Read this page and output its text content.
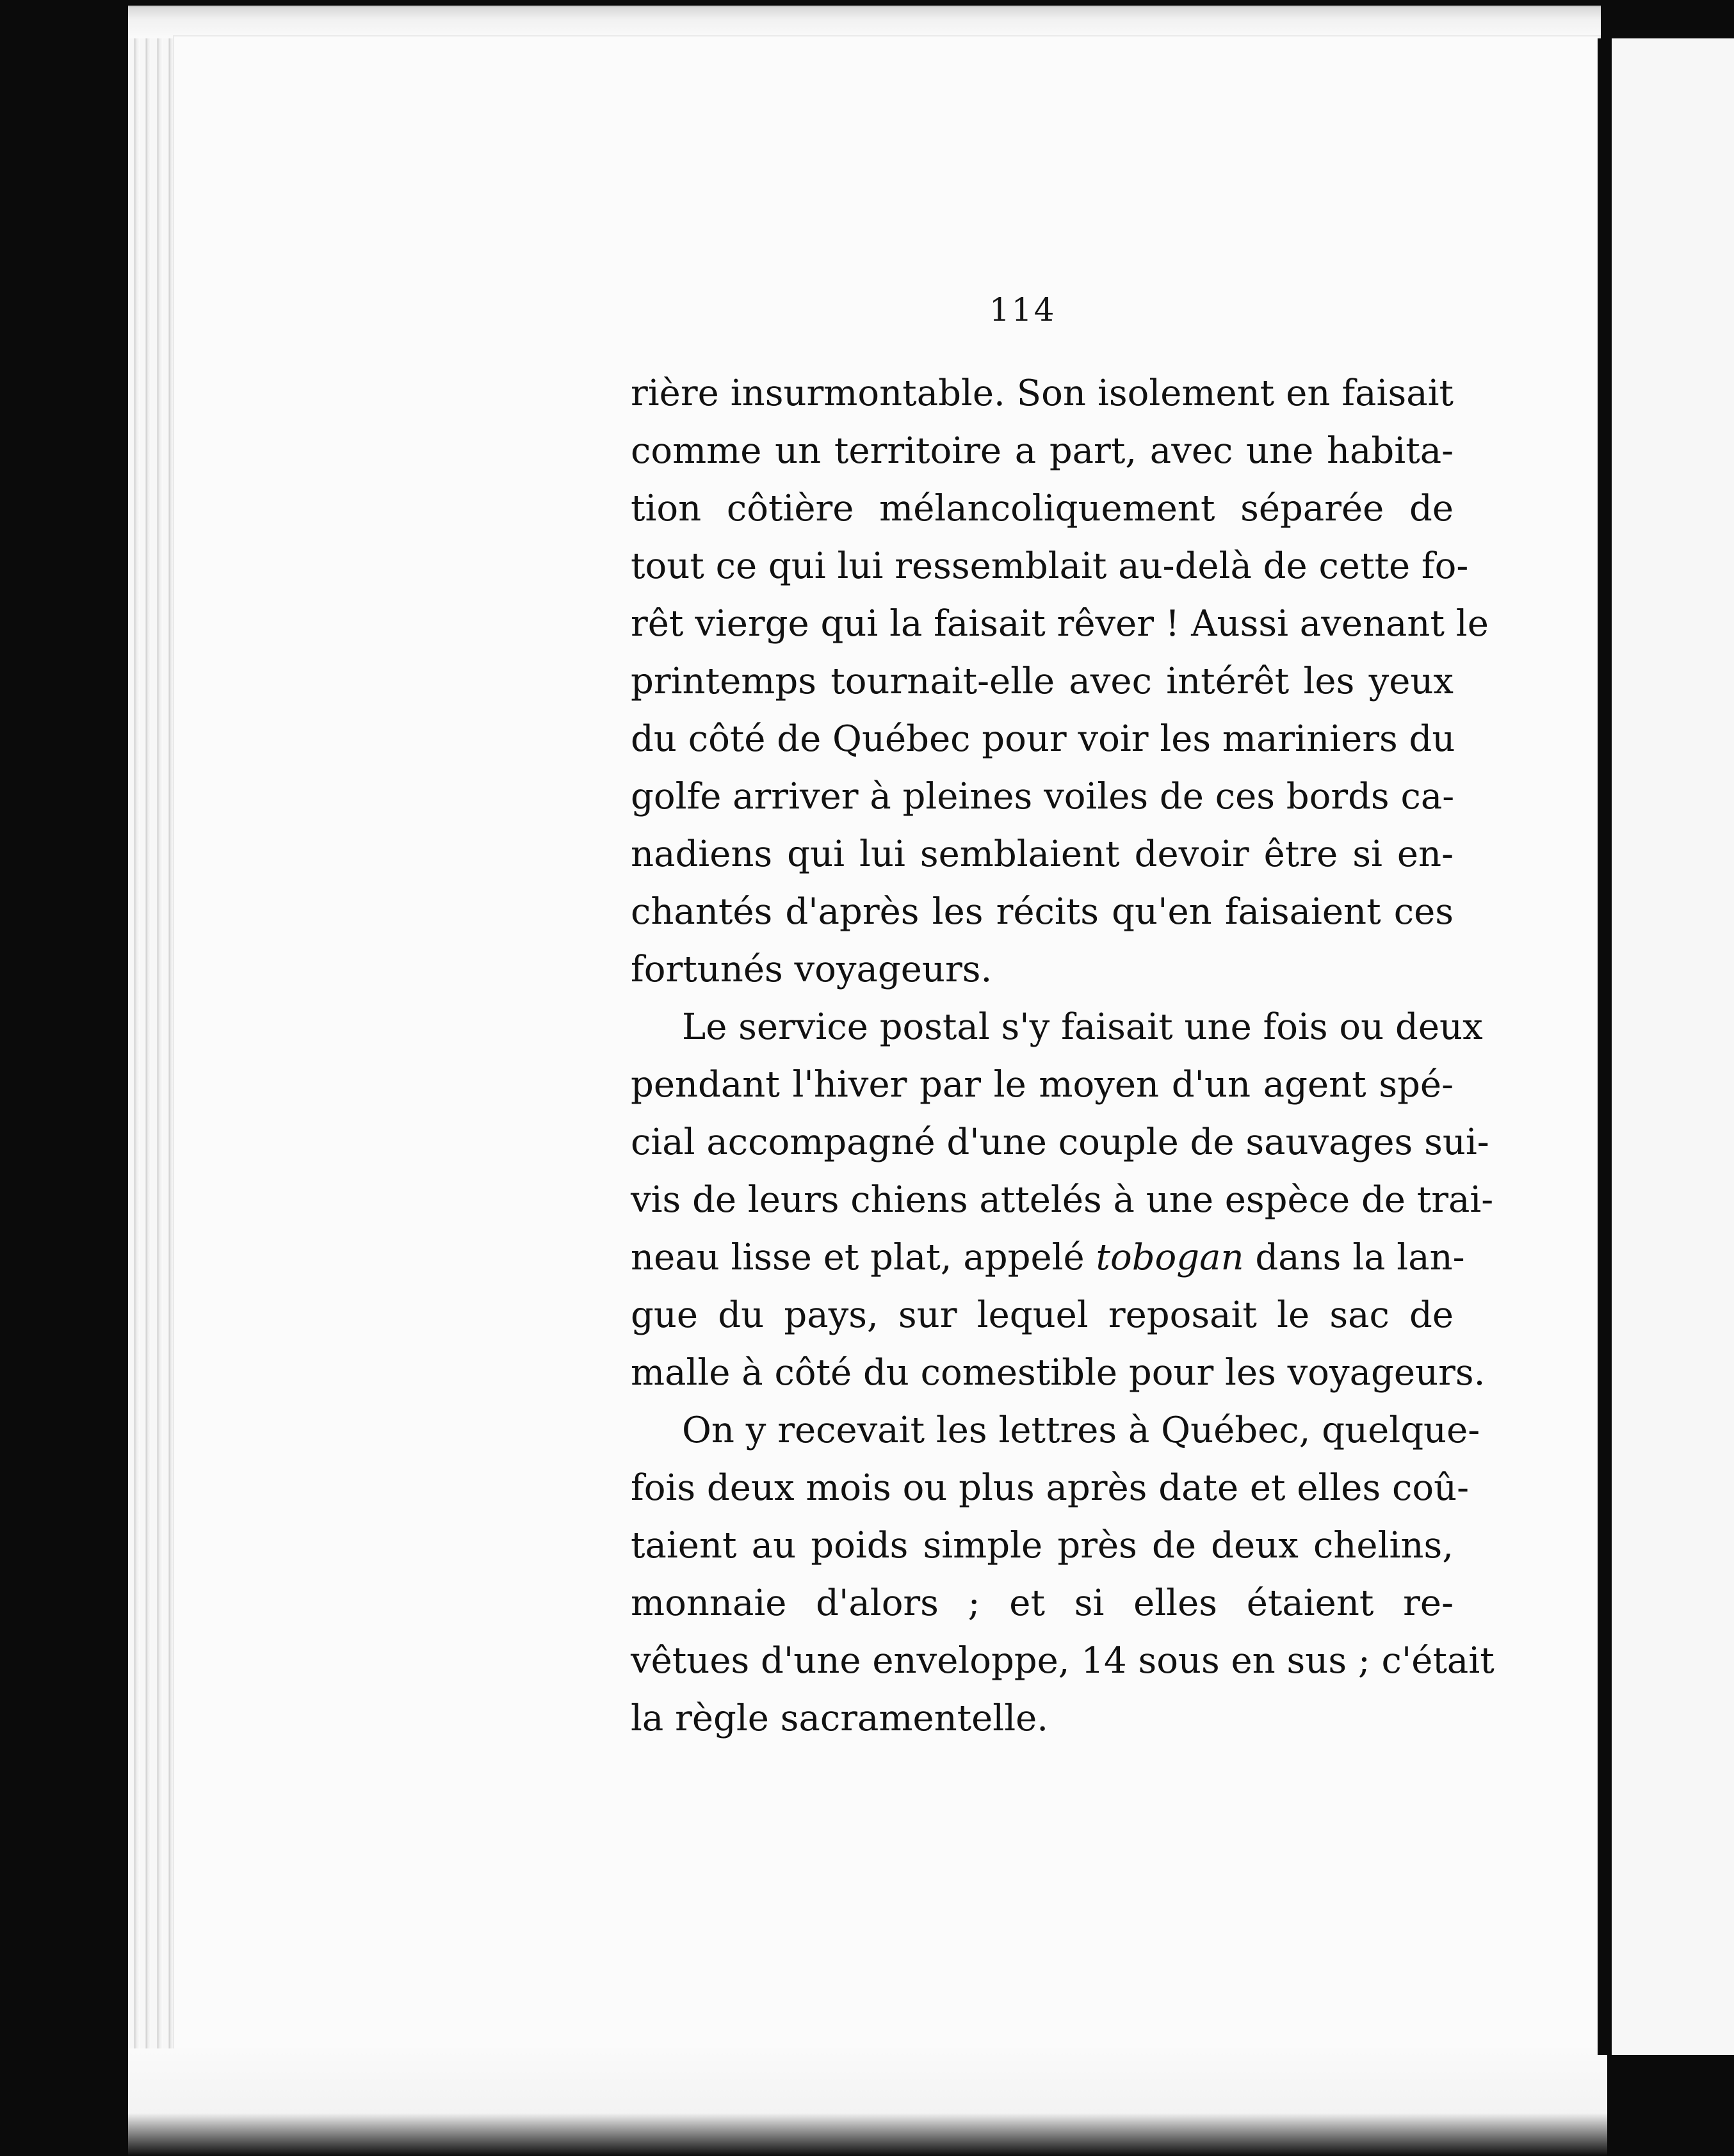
114
rière insurmontable. Son isolement en faisait
comme un territoire a part, avec une habita-
tion côtière mélancoliquement séparée de
tout ce qui lui ressemblait au-delà de cette fo-
rêt vierge qui la faisait rêver ! Aussi avenant le
printemps tournait-elle avec intérêt les yeux
du côté de Québec pour voir les mariniers du
golfe arriver à pleines voiles de ces bords ca-
nadiens qui lui semblaient devoir être si en-
chantés d'après les récits qu'en faisaient ces
fortunés voyageurs.
Le service postal s'y faisait une fois ou deux
pendant l'hiver par le moyen d'un agent spé-
cial accompagné d'une couple de sauvages sui-
vis de leurs chiens attelés à une espèce de trai-
neau lisse et plat, appelé tobogan dans la lan-
gue du pays, sur lequel reposait le sac de
malle à côté du comestible pour les voyageurs.
On y recevait les lettres à Québec, quelque-
fois deux mois ou plus après date et elles coû-
taient au poids simple près de deux chelins,
monnaie d'alors ; et si elles étaient re-
vêtues d'une enveloppe, 14 sous en sus ; c'était
la règle sacramentelle.
